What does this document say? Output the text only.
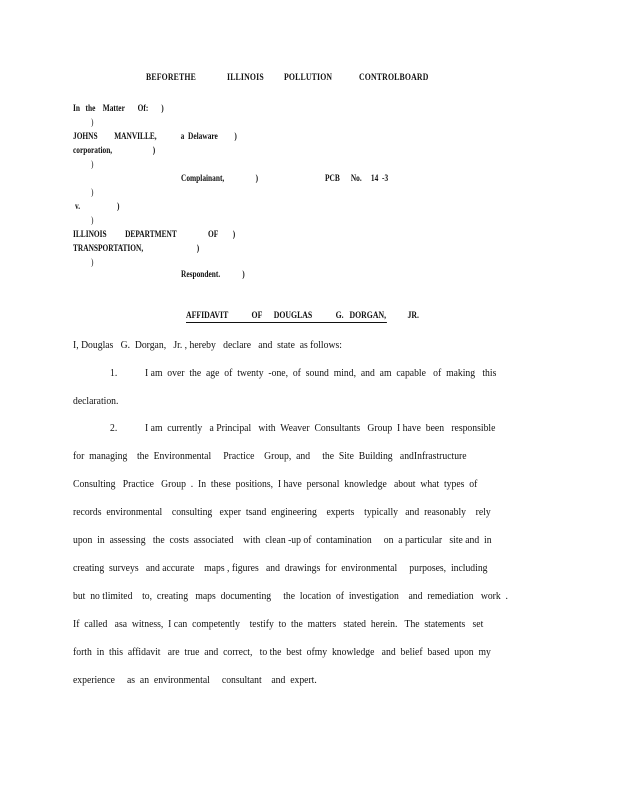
BEFORETHE	ILLINOIS POLLUTION	CONTROLBOARD
In   the    Matter       Of:       )
)
JOHNS         MANVILLE,             a  Delaware         )
corporation,                      )
)
Complainant,                 )	PCB      No.     14  -3
)
v.                    )
)
ILLINOIS          DEPARTMENT                 OF        )
TRANSPORTATION,                             )
)
Respondent.            )
AFFIDAVIT            OF      DOUGLAS            G.   DORGAN,           JR.
I, Douglas   G.  Dorgan,   Jr. , hereby   declare   and  state  as follows:
1.	I am  over  the  age  of  twenty  -one,  of  sound  mind,  and  am  capable   of  making   this
declaration.
2.	I am  currently   a Principal   with  Weaver  Consultants   Group  I have  been   responsible
for  managing    the  Environmental     Practice    Group,  and     the  Site  Building   andInfrastructure
Consulting   Practice   Group  .  In  these  positions,  I have  personal  knowledge   about  what  types  of
records  environmental    consulting   exper  tsand  engineering    experts    typically   and  reasonably    rely
upon  in  assessing   the  costs  associated    with  clean -up of  contamination     on  a particular   site and  in
creating  surveys   and accurate    maps , figures   and  drawings  for  environmental     purposes,  including
but  no tlimited    to,  creating   maps  documenting     the  location  of  investigation    and  remediation   work  .
If  called   asa  witness,  I can  competently    testify  to  the  matters   stated  herein.   The  statements   set
forth  in  this  affidavit   are  true  and  correct,   to the  best  ofmy  knowledge   and  belief  based  upon  my
experience     as  an  environmental     consultant    and  expert.
